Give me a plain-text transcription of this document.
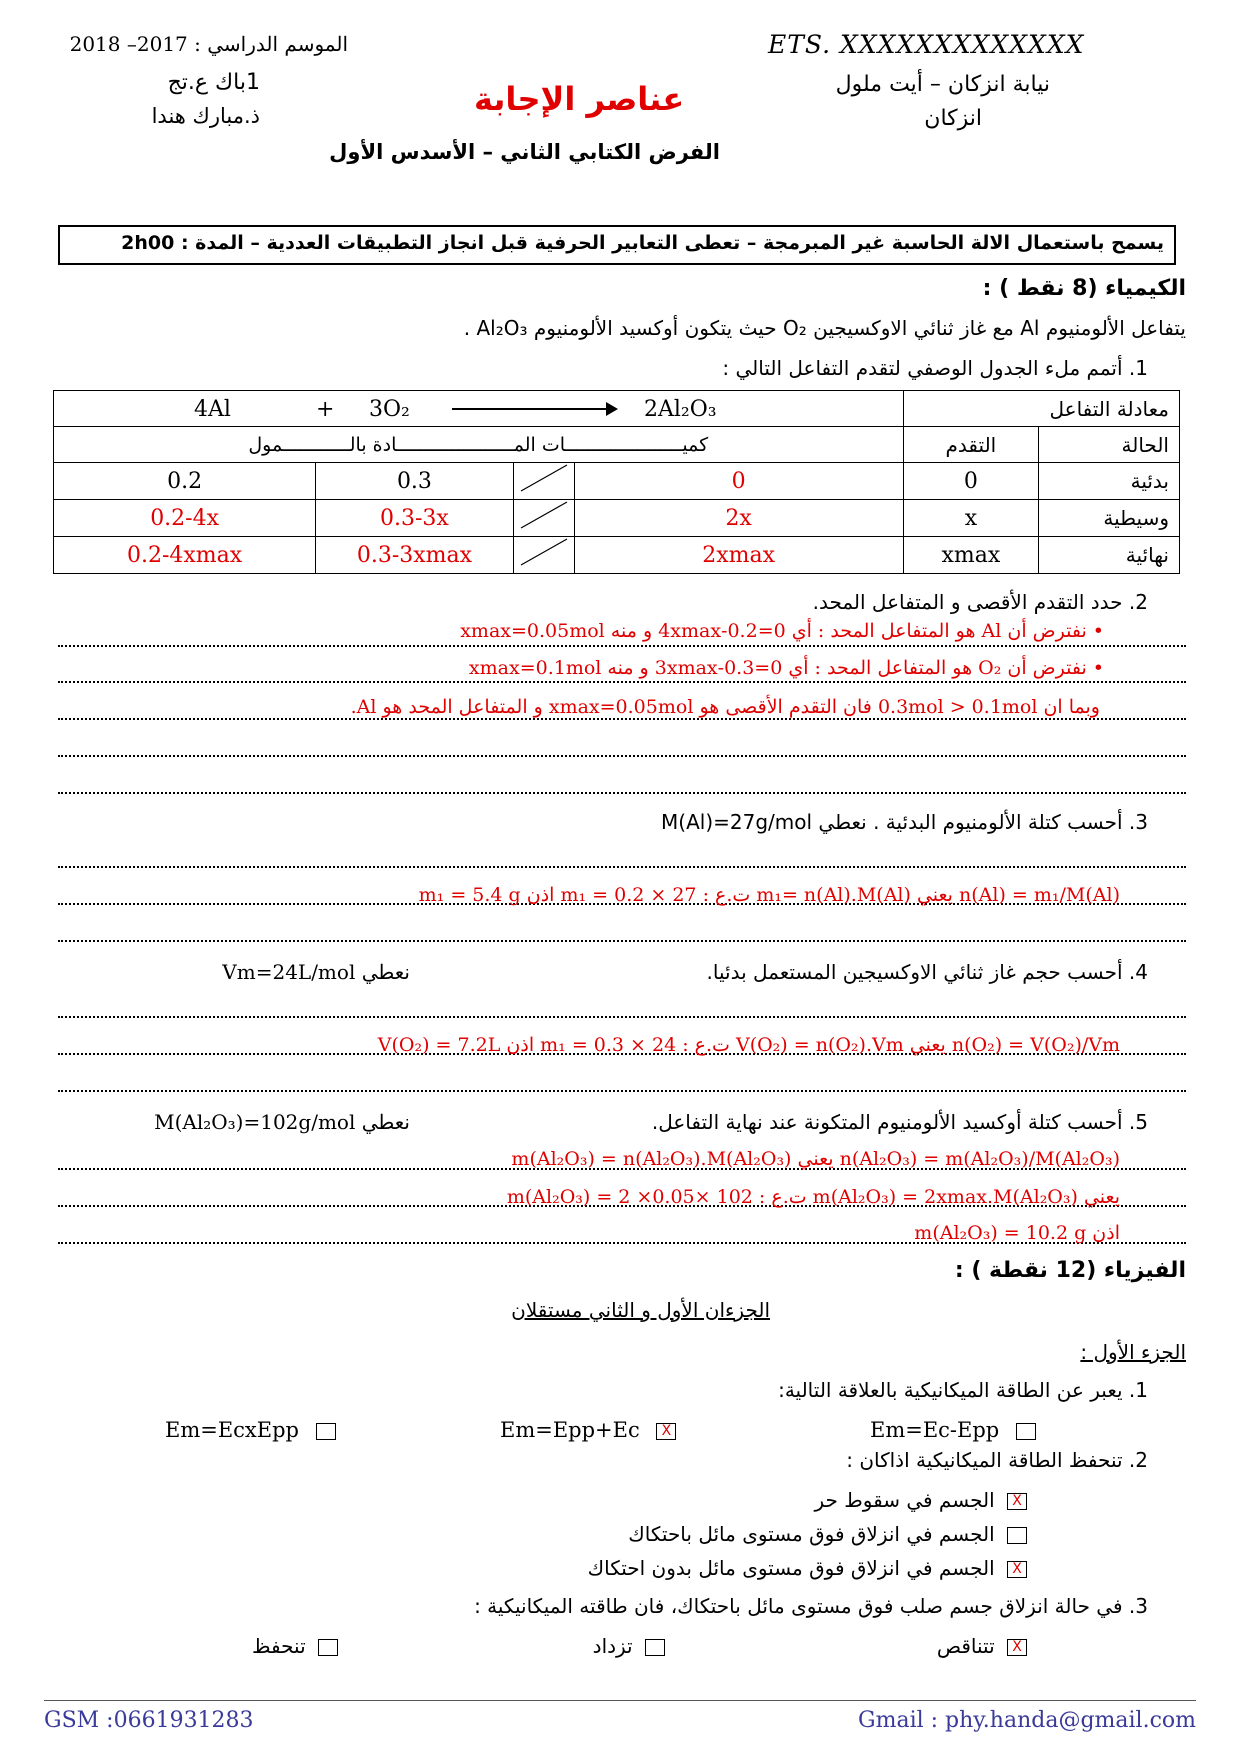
ETS. XXXXXXXXXXXXX
نيابة انزكان – أيت ملول
انزكان
الموسم الدراسي : 2017– 2018
1باك ع.تج
ذ.مبارك هندا	عناصر الإجابة
الفرض الكتابي الثاني – الأسدس الأول
يسمح باستعمال الالة الحاسبة غير المبرمجة – تعطى التعابير الحرفية قبل انجاز التطبيقات العددية – المدة : 2h00
الكيمياء (8 نقط ) :
يتفاعل الألومنيوم Al مع غاز ثنائي الاوكسيجين O₂ حيث يتكون أوكسيد الألومنيوم Al₂O₃ .
1. أتمم ملء الجدول الوصفي لتقدم التفاعل التالي :
4Al + 3O₂ 2Al₂O₃				معادلة التفاعل	
كميـــــــــــــــــــــات المـــــــــــــــــــــادة بالــــــــــــمول				التقدم	الحالة
0.2	0.3		0	0	بدئية
0.2-4x	0.3-3x		2x	x	وسيطية
0.2-4xmax	0.3-3xmax		2xmax	xmax	نهائية
2. حدد التقدم الأقصى و المتفاعل المحد.
• نفترض أن Al هو المتفاعل المحد : أي 0=0.2-4xmax و منه xmax=0.05mol
• نفترض أن O₂ هو المتفاعل المحد : أي 0=0.3-3xmax و منه xmax=0.1mol
وبما ان 0.3mol > 0.1mol فان التقدم الأقصى هو xmax=0.05mol و المتفاعل المحد هو Al.
3. أحسب كتلة الألومنيوم البدئية . نعطي M(Al)=27g/mol
n(Al) = m₁/M(Al) يعني m₁= n(Al).M(Al) ت.ع : m₁ = 0.2 × 27 اذن m₁ = 5.4 g
4. أحسب حجم غاز ثنائي الاوكسيجين المستعمل بدئيا.
نعطي Vm=24L/mol
n(O₂) = V(O₂)/Vm يعني V(O₂) = n(O₂).Vm ت.ع : m₁ = 0.3 × 24 اذن V(O₂) = 7.2L
5. أحسب كتلة أوكسيد الألومنيوم المتكونة عند نهاية التفاعل.
نعطي M(Al₂O₃)=102g/mol
n(Al₂O₃) = m(Al₂O₃)/M(Al₂O₃) يعني m(Al₂O₃) = n(Al₂O₃).M(Al₂O₃)
يعني m(Al₂O₃) = 2xmax.M(Al₂O₃) ت.ع : m(Al₂O₃) = 2 ×0.05× 102
اذن m(Al₂O₃) = 10.2 g
الفيزياء (12 نقطة ) :
الجزءان الأول و الثاني مستقلان
الجزء الأول :
1. يعبر عن الطاقة الميكانيكية بالعلاقة التالية:
Em=Ec-Epp
Em=Epp+Ec X
Em=EcxEpp
2. تنحفظ الطاقة الميكانيكية اذاكان :
X الجسم في سقوط حر
الجسم في انزلاق فوق مستوى مائل باحتكاك
X الجسم في انزلاق فوق مستوى مائل بدون احتكاك
3. في حالة انزلاق جسم صلب فوق مستوى مائل باحتكاك، فان طاقته الميكانيكية :
X تتناقص
تزداد
تنحفظ
GSM :0661931283	Gmail : phy.handa@gmail.com
